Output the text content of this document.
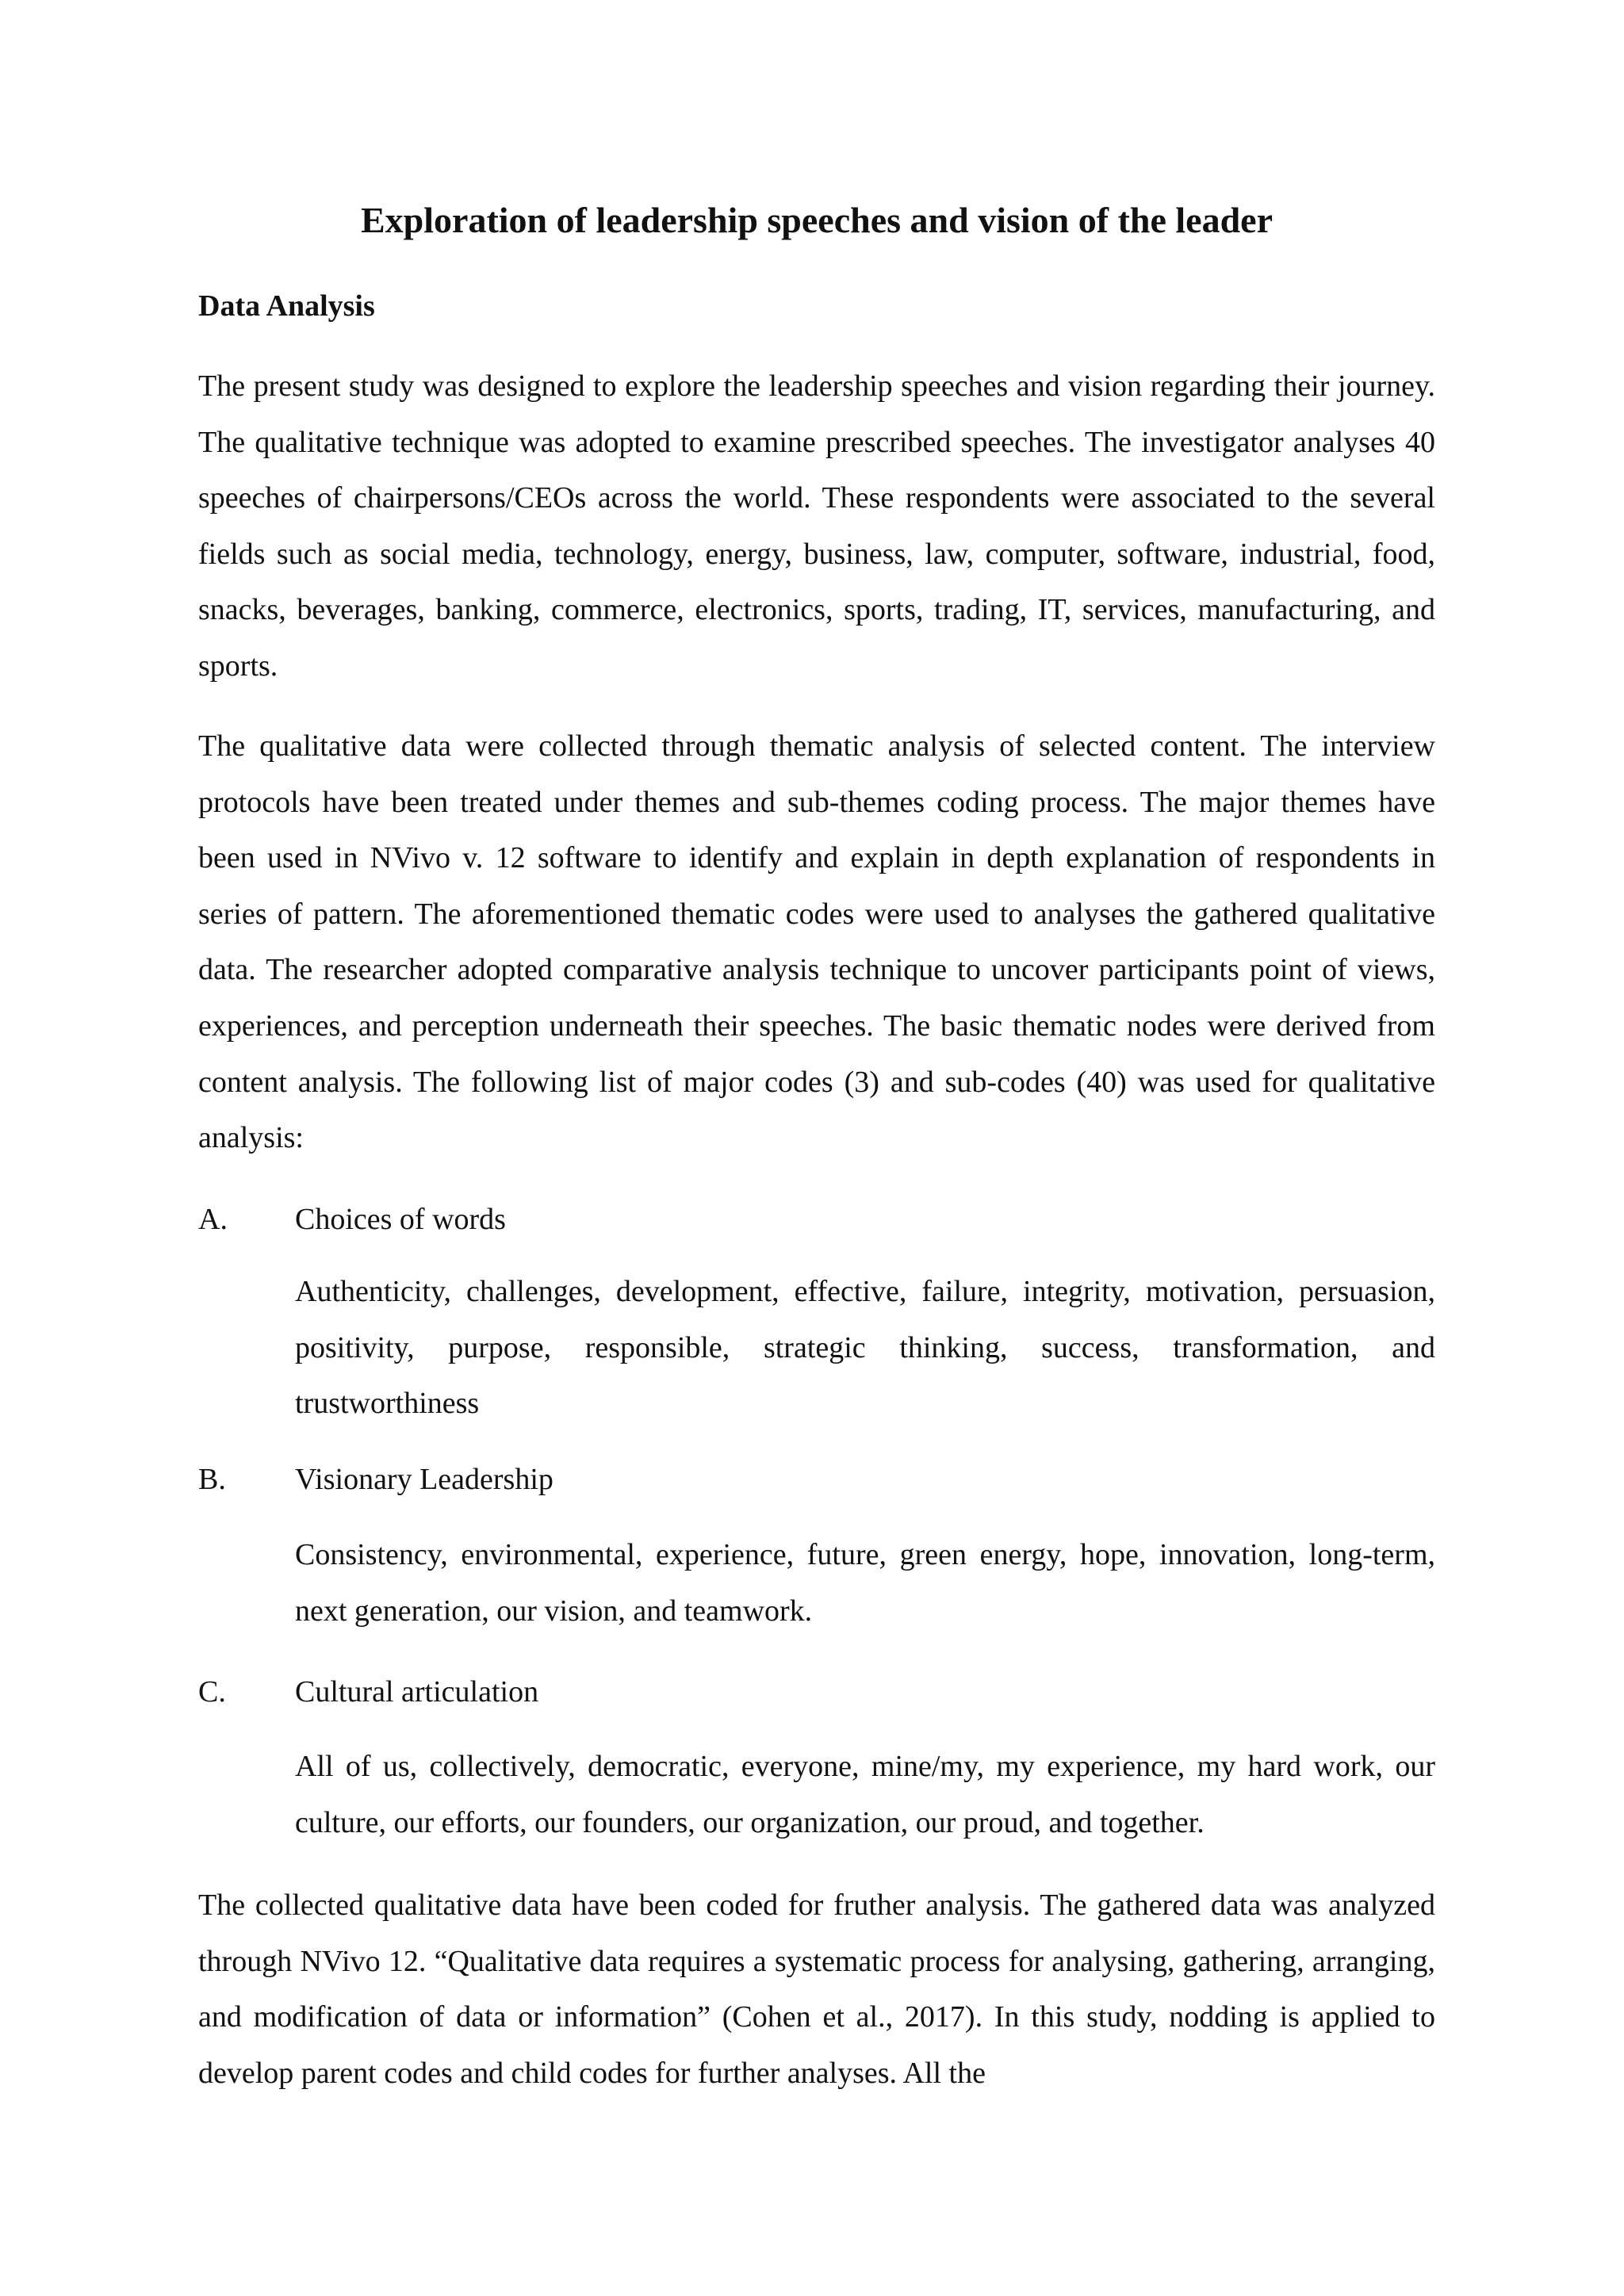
Exploration of leadership speeches and vision of the leader
Data Analysis

The present study was designed to explore the leadership speeches and vision regarding their journey. The qualitative technique was adopted to examine prescribed speeches. The investigator analyses 40 speeches of chairpersons/CEOs across the world. These respondents were associated to the several fields such as social media, technology, energy, business, law, computer, software, industrial, food, snacks, beverages, banking, commerce, electronics, sports, trading, IT, services, manufacturing, and sports.

The qualitative data were collected through thematic analysis of selected content. The interview protocols have been treated under themes and sub-themes coding process. The major themes have been used in NVivo v. 12 software to identify and explain in depth explanation of respondents in series of pattern. The aforementioned thematic codes were used to analyses the gathered qualitative data. The researcher adopted comparative analysis technique to uncover participants point of views, experiences, and perception underneath their speeches. The basic thematic nodes were derived from content analysis. The following list of major codes (3) and sub-codes (40) was used for qualitative analysis:

A. Choices of words

Authenticity, challenges, development, effective, failure, integrity, motivation, persuasion, positivity, purpose, responsible, strategic thinking, success, transformation, and trustworthiness

B. Visionary Leadership

Consistency, environmental, experience, future, green energy, hope, innovation, long-term, next generation, our vision, and teamwork.

C. Cultural articulation

All of us, collectively, democratic, everyone, mine/my, my experience, my hard work, our culture, our efforts, our founders, our organization, our proud, and together.

The collected qualitative data have been coded for fruther analysis. The gathered data was analyzed through NVivo 12. “Qualitative data requires a systematic process for analysing, gathering, arranging, and modification of data or information” (Cohen et al., 2017). In this study, nodding is applied to develop parent codes and child codes for further analyses. All the
